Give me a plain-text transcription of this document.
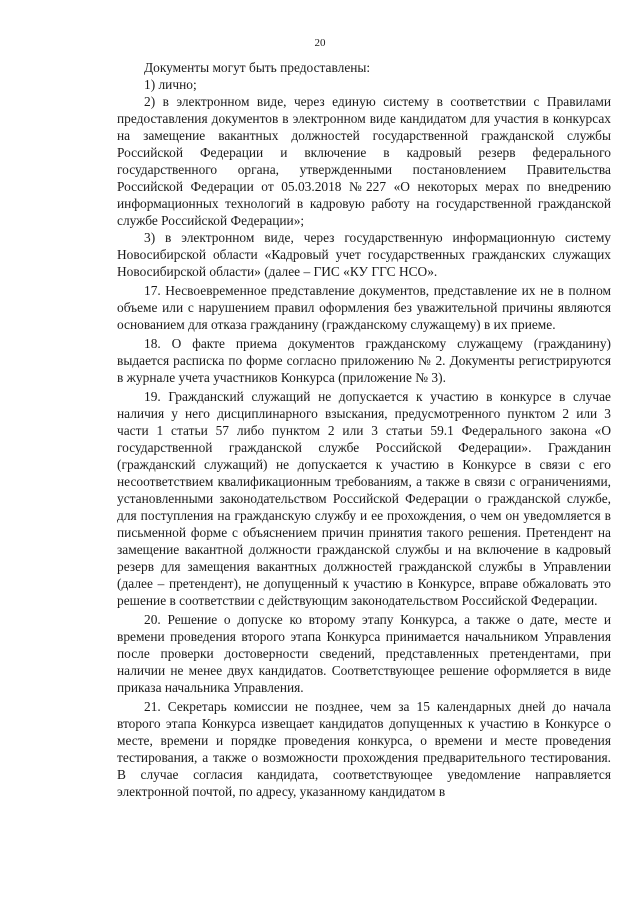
20

Документы могут быть предоставлены:

1) лично;

2) в электронном виде, через единую систему в соответствии с Правилами предоставления документов в электронном виде кандидатом для участия в конкурсах на замещение вакантных должностей государственной гражданской службы Российской Федерации и включение в кадровый резерв федерального государственного органа, утвержденными постановлением Правительства Российской Федерации от 05.03.2018 №227 «О некоторых мерах по внедрению информационных технологий в кадровую работу на государственной гражданской службе Российской Федерации»;

3) в электронном виде, через государственную информационную систему Новосибирской области «Кадровый учет государственных гражданских служащих Новосибирской области» (далее – ГИС «КУ ГГС НСО».

17. Несвоевременное представление документов, представление их не в полном объеме или с нарушением правил оформления без уважительной причины являются основанием для отказа гражданину (гражданскому служащему) в их приеме.

18. О факте приема документов гражданскому служащему (гражданину) выдается расписка по форме согласно приложению № 2. Документы регистрируются в журнале учета участников Конкурса (приложение № 3).

19. Гражданский служащий не допускается к участию в конкурсе в случае наличия у него дисциплинарного взыскания, предусмотренного пунктом 2 или 3 части 1 статьи 57 либо пунктом 2 или 3 статьи 59.1 Федерального закона «О государственной гражданской службе Российской Федерации». Гражданин (гражданский служащий) не допускается к участию в Конкурсе в связи с его несоответствием квалификационным требованиям, а также в связи с ограничениями, установленными законодательством Российской Федерации о гражданской службе, для поступления на гражданскую службу и ее прохождения, о чем он уведомляется в письменной форме с объяснением причин принятия такого решения. Претендент на замещение вакантной должности гражданской службы и на включение в кадровый резерв для замещения вакантных должностей гражданской службы в Управлении (далее – претендент), не допущенный к участию в Конкурсе, вправе обжаловать это решение в соответствии с действующим законодательством Российской Федерации.

20. Решение о допуске ко второму этапу Конкурса, а также о дате, месте и времени проведения второго этапа Конкурса принимается начальником Управления после проверки достоверности сведений, представленных претендентами, при наличии не менее двух кандидатов. Соответствующее решение оформляется в виде приказа начальника Управления.

21. Секретарь комиссии не позднее, чем за 15 календарных дней до начала второго этапа Конкурса извещает кандидатов допущенных к участию в Конкурсе о месте, времени и порядке проведения конкурса, о времени и месте проведения тестирования, а также о возможности прохождения предварительного тестирования. В случае согласия кандидата, соответствующее уведомление направляется электронной почтой, по адресу, указанному кандидатом в
